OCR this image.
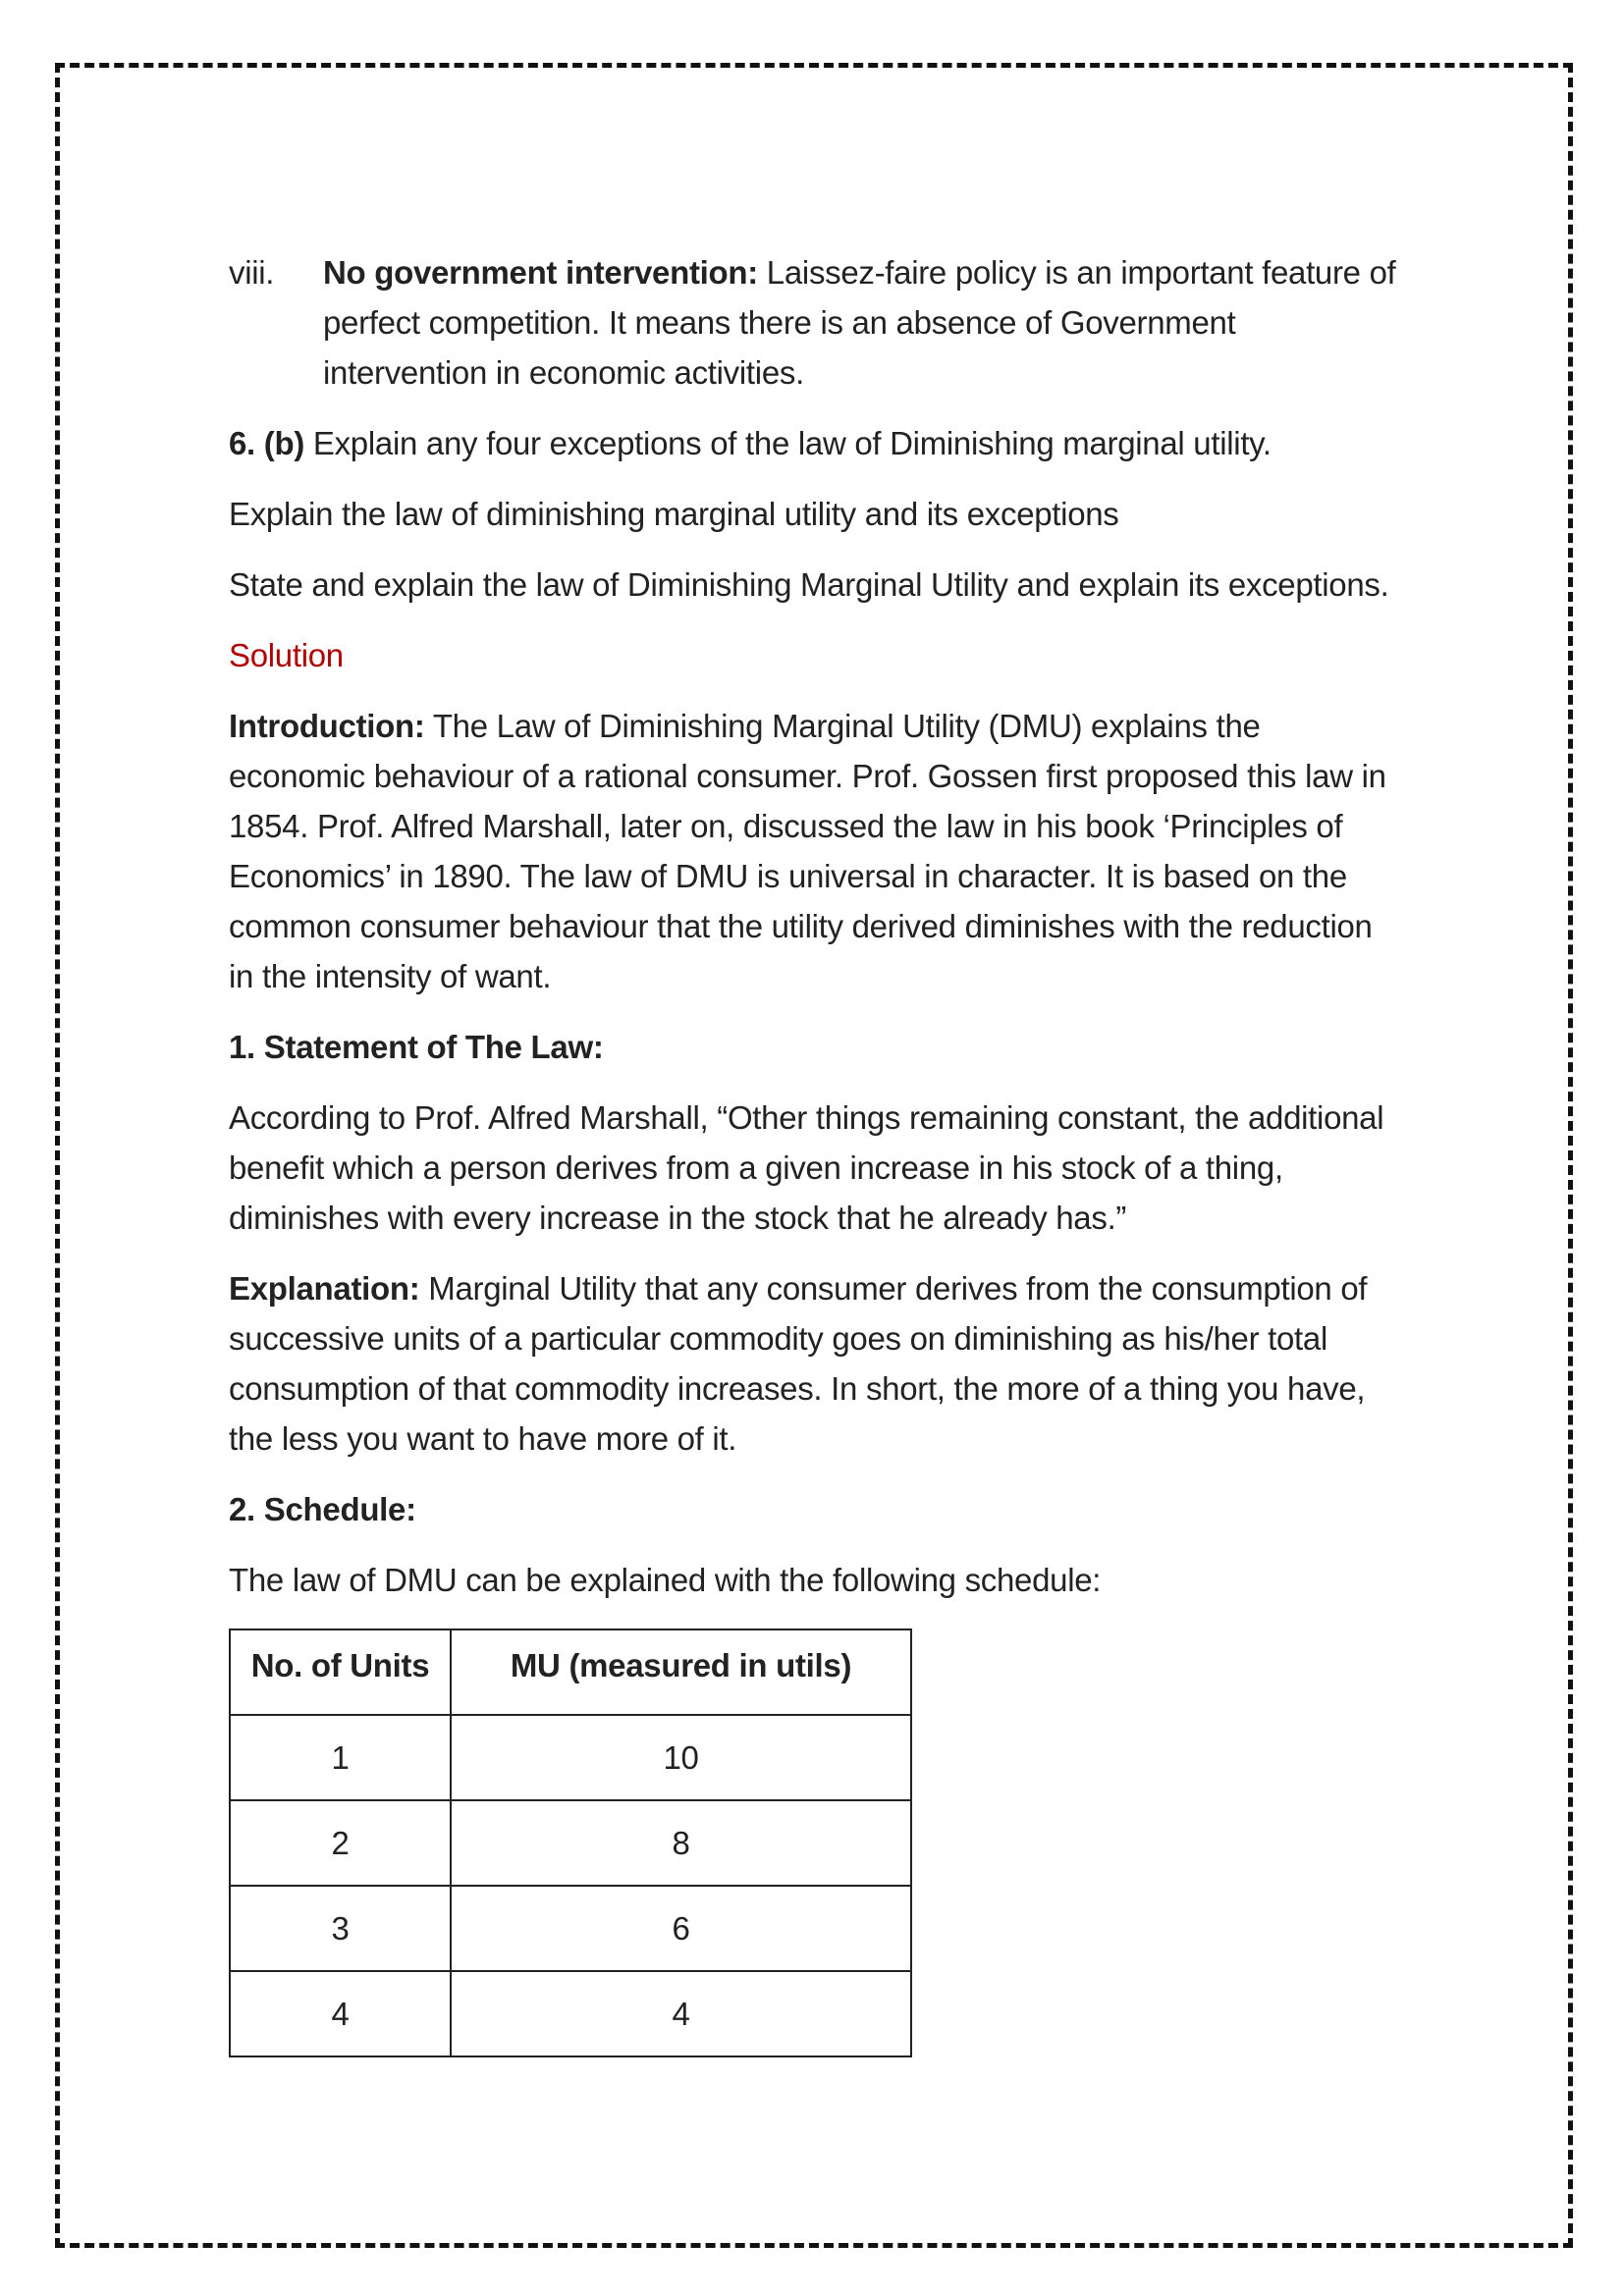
viii.	No government intervention: Laissez-faire policy is an important feature of perfect competition. It means there is an absence of Government intervention in economic activities.

6. (b) Explain any four exceptions of the law of Diminishing marginal utility.

Explain the law of diminishing marginal utility and its exceptions

State and explain the law of Diminishing Marginal Utility and explain its exceptions.

Solution

Introduction: The Law of Diminishing Marginal Utility (DMU) explains the economic behaviour of a rational consumer. Prof. Gossen first proposed this law in 1854. Prof. Alfred Marshall, later on, discussed the law in his book ‘Principles of Economics’ in 1890. The law of DMU is universal in character. It is based on the common consumer behaviour that the utility derived diminishes with the reduction in the intensity of want.

1. Statement of The Law:

According to Prof. Alfred Marshall, “Other things remaining constant, the additional benefit which a person derives from a given increase in his stock of a thing, diminishes with every increase in the stock that he already has.”

Explanation: Marginal Utility that any consumer derives from the consumption of successive units of a particular commodity goes on diminishing as his/her total consumption of that commodity increases. In short, the more of a thing you have, the less you want to have more of it.

2. Schedule:

The law of DMU can be explained with the following schedule:

No. of Units	MU (measured in utils)
1	10
2	8
3	6
4	4
